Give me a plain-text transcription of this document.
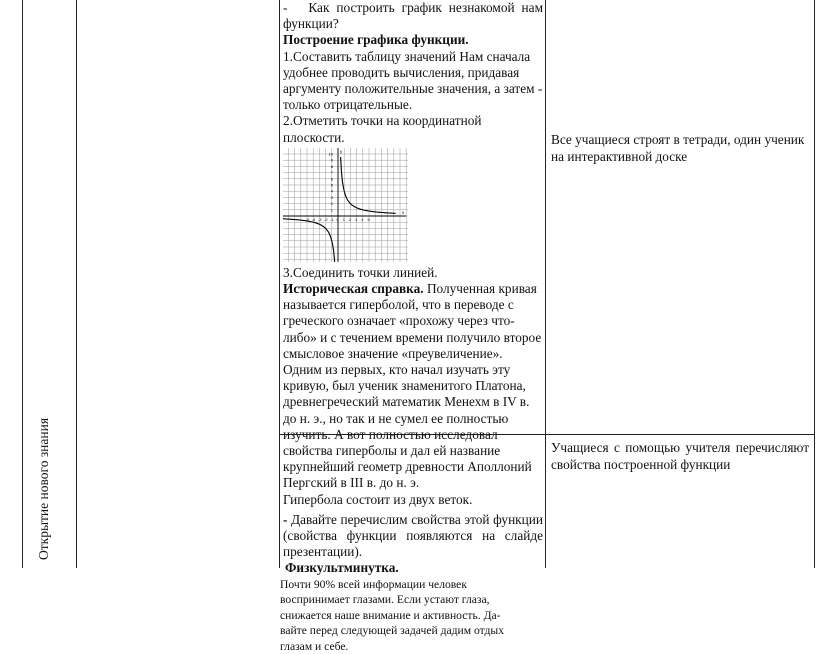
Открытие нового знания

- Как построить график незнакомой нам функции?

Построение графика функции.

1.Составить таблицу значений Нам сначала удобнее проводить вычисления, придавая аргументу положительные значения, а затем - только отрицательные.

2.Отметить точки на координатной плоскости.

10
9
8
7
6
5
4
3
2
1
-5 -4 -3 -2 -1 0 1 2 3 4 5
x
y

3.Соединить точки линией.

Историческая справка. Полученная кривая называется гиперболой, что в переводе с греческого означает «прохожу через что-либо» и с течением времени получило второе смысловое значение «преувеличение». Одним из первых, кто начал изучать эту кривую, был ученик знаменитого Платона, древнегреческий математик Менехм в IV в. до н. э., но так и не сумел ее полностью изучить. А вот полностью исследовал свойства гиперболы и дал ей название крупнейший геометр древности Аполлоний Пергский в III в. до н. э.

Гипербола состоит из двух веток.

- Давайте перечислим свойства этой функции (свойства функции появляются на слайде презентации).

Физкультминутка.

Почти 90% всей информации человек воспринимает глазами. Если устают глаза, снижается наше внимание и активность. Да-вайте перед следующей задачей дадим отдых глазам и себе.

Все учащиеся строят в тетради, один ученик на интерактивной доске
Учащиеся с помощью учителя перечисляют свойства построенной функции
